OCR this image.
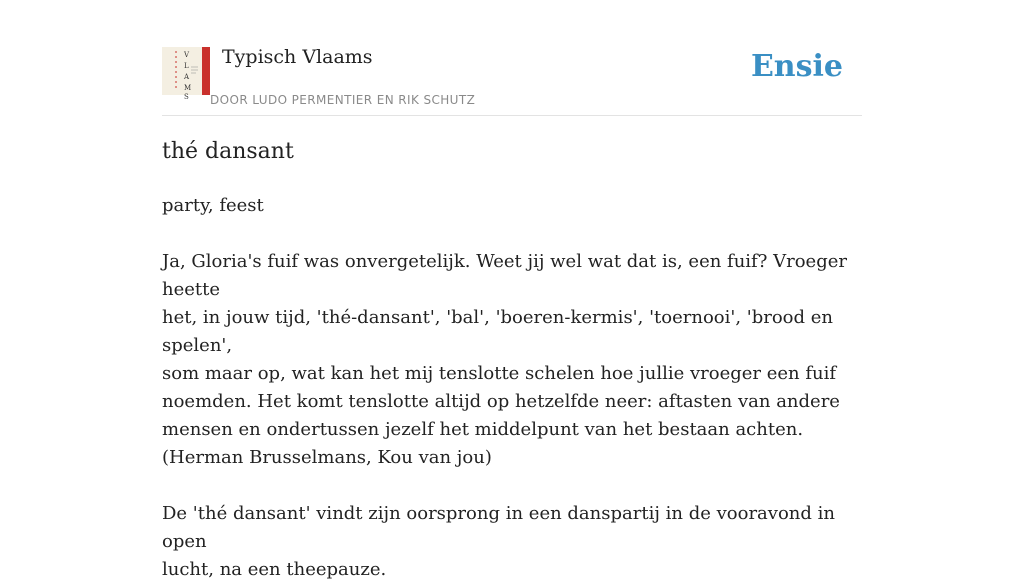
V
L
A
M
S
Typisch Vlaams
DOOR LUDO PERMENTIER EN RIK SCHUTZ
Ensie
thé dansant

party, feest

Ja, Gloria's fuif was onvergetelijk. Weet jij wel wat dat is, een fuif? Vroeger heette
het, in jouw tijd, 'thé-dansant', 'bal', 'boeren-kermis', 'toernooi', 'brood en spelen',
som maar op, wat kan het mij tenslotte schelen hoe jullie vroeger een fuif
noemden. Het komt tenslotte altijd op hetzelfde neer: aftasten van andere
mensen en ondertussen jezelf het middelpunt van het bestaan achten.
(Herman Brusselmans, Kou van jou)
De 'thé dansant' vindt zijn oorsprong in een danspartij in de vooravond in open
lucht, na een theepauze.
